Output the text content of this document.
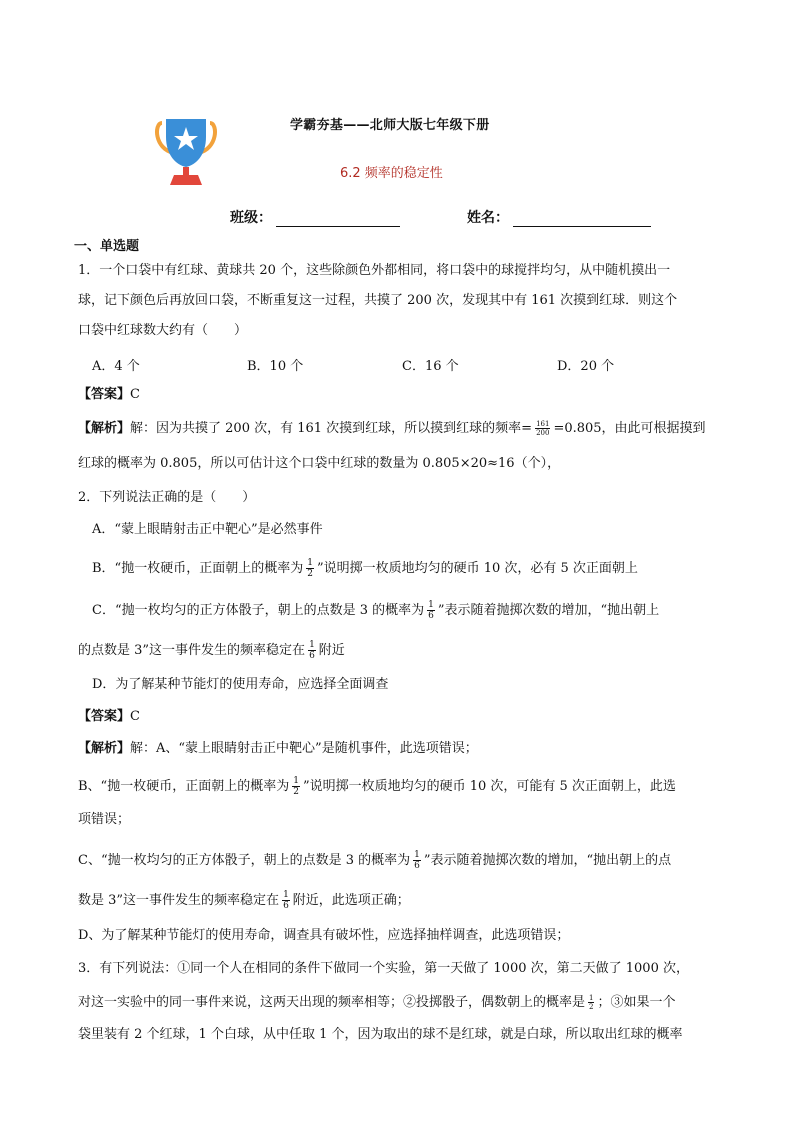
学霸夯基——北师大版七年级下册
6.2 频率的稳定性
班级：	姓名：
一、单选题
1．一个口袋中有红球、黄球共 20 个，这些除颜色外都相同，将口袋中的球搅拌均匀，从中随机摸出一
球，记下颜色后再放回口袋，不断重复这一过程，共摸了 200 次，发现其中有 161 次摸到红球．则这个
口袋中红球数大约有（　　）
A．4 个	B．10 个	C．16 个	D．20 个
【答案】C
【解析】解：因为共摸了 200 次，有 161 次摸到红球，所以摸到红球的频率= $\frac{161}{200} =0.805$，由此可根据摸到
红球的概率为 0.805，所以可估计这个口袋中红球的数量为 0.805×20≈16（个），
2．下列说法正确的是（　　）
A．“蒙上眼睛射击正中靶心”是必然事件
B．“抛一枚硬币，正面朝上的概率为 $\frac{1}{2}$ ”说明掷一枚质地均匀的硬币 10 次，必有 5 次正面朝上
C．“抛一枚均匀的正方体骰子，朝上的点数是 3 的概率为 $\frac{1}{6}$ ”表示随着抛掷次数的增加，“抛出朝上
的点数是 3”这一事件发生的频率稳定在 $\frac{1}{6}$ 附近
D．为了解某种节能灯的使用寿命，应选择全面调查
【答案】C
【解析】解：A、“蒙上眼睛射击正中靶心”是随机事件，此选项错误；
B、“抛一枚硬币，正面朝上的概率为 $\frac{1}{2}$ ”说明掷一枚质地均匀的硬币 10 次，可能有 5 次正面朝上，此选
项错误；
C、“抛一枚均匀的正方体骰子，朝上的点数是 3 的概率为 $\frac{1}{6}$ ”表示随着抛掷次数的增加，“抛出朝上的点
数是 3”这一事件发生的频率稳定在 $\frac{1}{6}$ 附近，此选项正确；
D、为了解某种节能灯的使用寿命，调查具有破坏性，应选择抽样调查，此选项错误；
3．有下列说法：①同一个人在相同的条件下做同一个实验，第一天做了 1000 次，第二天做了 1000 次，
对这一实验中的同一事件来说，这两天出现的频率相等；②投掷骰子，偶数朝上的概率是 $\frac{1}{2}$ ；③如果一个
袋里装有 2 个红球，1 个白球，从中任取 1 个，因为取出的球不是红球，就是白球，所以取出红球的概率
